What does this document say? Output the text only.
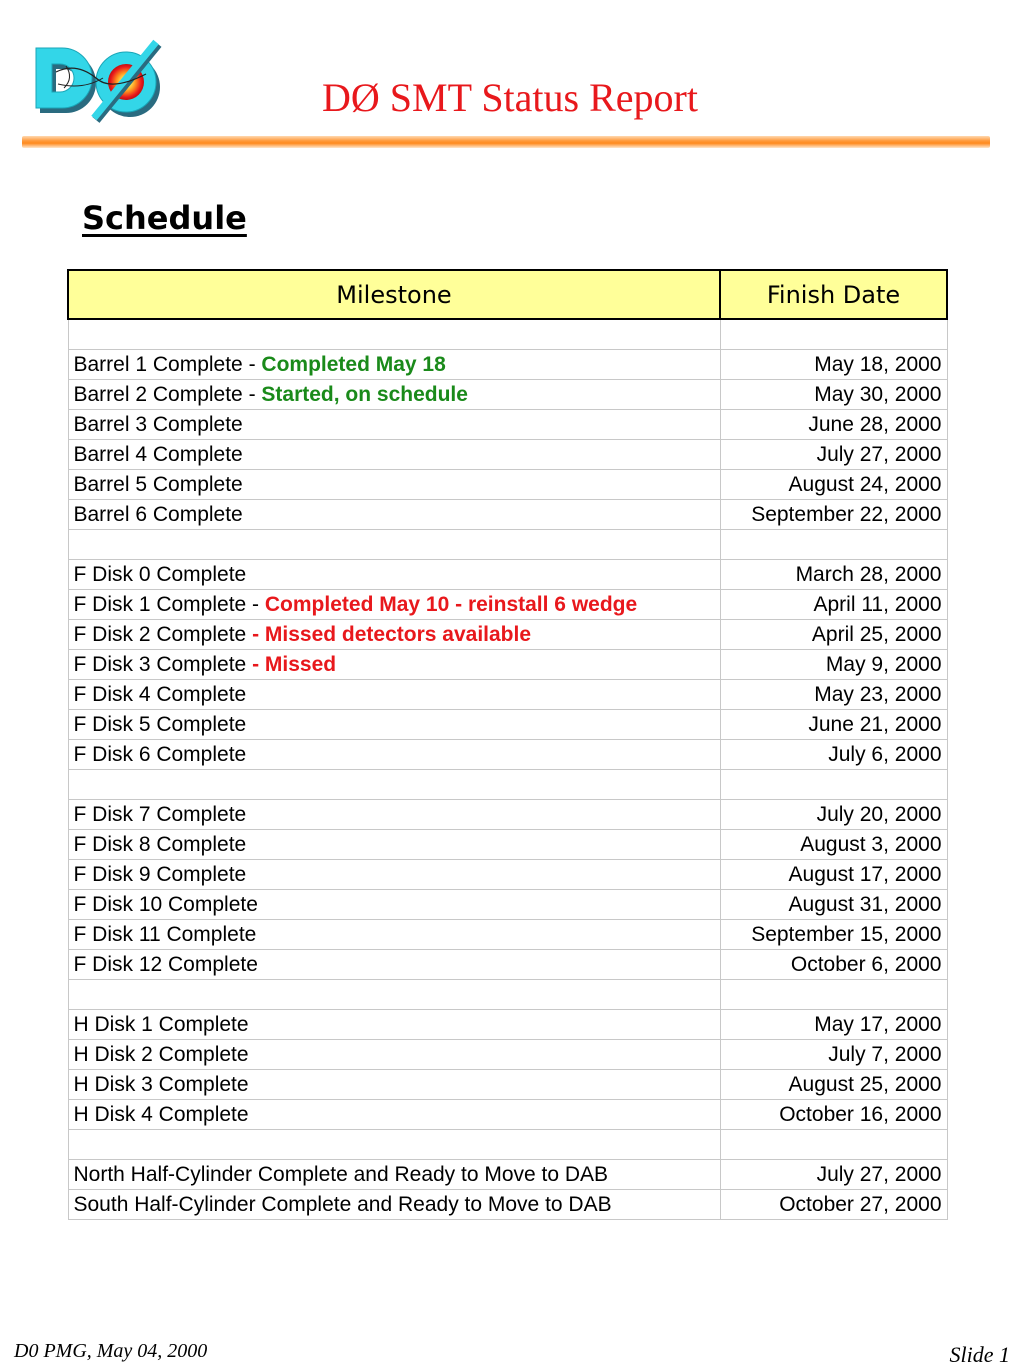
DØ SMT Status Report
Schedule
Milestone	Finish Date

Barrel 1 Complete - Completed May 18	May 18, 2000
Barrel 2 Complete - Started, on schedule	May 30, 2000
Barrel 3 Complete	June 28, 2000
Barrel 4 Complete	July 27, 2000
Barrel 5 Complete	August 24, 2000
Barrel 6 Complete	September 22, 2000

F Disk 0 Complete	March 28, 2000
F Disk 1 Complete - Completed May 10 - reinstall 6 wedge	April 11, 2000
F Disk 2 Complete - Missed detectors available	April 25, 2000
F Disk 3 Complete - Missed	May 9, 2000
F Disk 4 Complete	May 23, 2000
F Disk 5 Complete	June 21, 2000
F Disk 6 Complete	July 6, 2000

F Disk 7 Complete	July 20, 2000
F Disk 8 Complete	August 3, 2000
F Disk 9 Complete	August 17, 2000
F Disk 10 Complete	August 31, 2000
F Disk 11 Complete	September 15, 2000
F Disk 12 Complete	October 6, 2000

H Disk 1 Complete	May 17, 2000
H Disk 2 Complete	July 7, 2000
H Disk 3 Complete	August 25, 2000
H Disk 4 Complete	October 16, 2000

North Half-Cylinder Complete and Ready to Move to DAB	July 27, 2000
South Half-Cylinder Complete and Ready to Move to DAB	October 27, 2000
D0 PMG, May 04, 2000	Slide 1
